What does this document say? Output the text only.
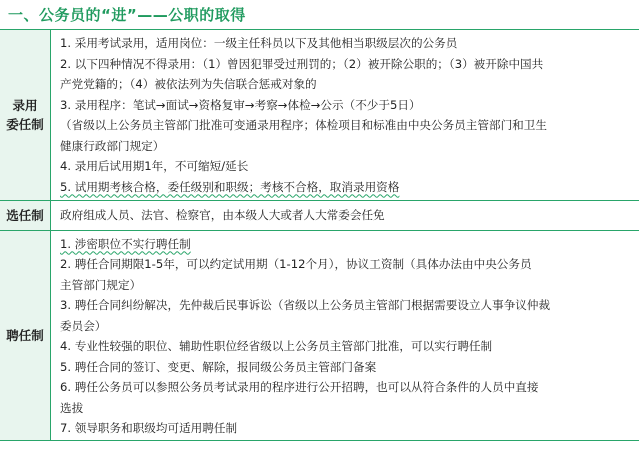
一、公务员的“进”——公职的取得
录用
委任制
1. 采用考试录用，适用岗位：一级主任科员以下及其他相当职级层次的公务员
2. 以下四种情况不得录用：（1）曾因犯罪受过刑罚的；（2）被开除公职的；（3）被开除中国共
产党党籍的；（4）被依法列为失信联合惩戒对象的
3. 录用程序：笔试→面试→资格复审→考察→体检→公示（不少于5日）
（省级以上公务员主管部门批准可变通录用程序；体检项目和标准由中央公务员主管部门和卫生
健康行政部门规定）
4. 录用后试用期1年，不可缩短/延长
5. 试用期考核合格，委任级别和职级；考核不合格，取消录用资格
选任制 政府组成人员、法官、检察官，由本级人大或者人大常委会任免
聘任制
1. 涉密职位不实行聘任制
2. 聘任合同期限1-5年，可以约定试用期（1-12个月），协议工资制（具体办法由中央公务员
主管部门规定）
3. 聘任合同纠纷解决，先仲裁后民事诉讼（省级以上公务员主管部门根据需要设立人事争议仲裁
委员会）
4. 专业性较强的职位、辅助性职位经省级以上公务员主管部门批准，可以实行聘任制
5. 聘任合同的签订、变更、解除，报同级公务员主管部门备案
6. 聘任公务员可以参照公务员考试录用的程序进行公开招聘，也可以从符合条件的人员中直接
选拔
7. 领导职务和职级均可适用聘任制
